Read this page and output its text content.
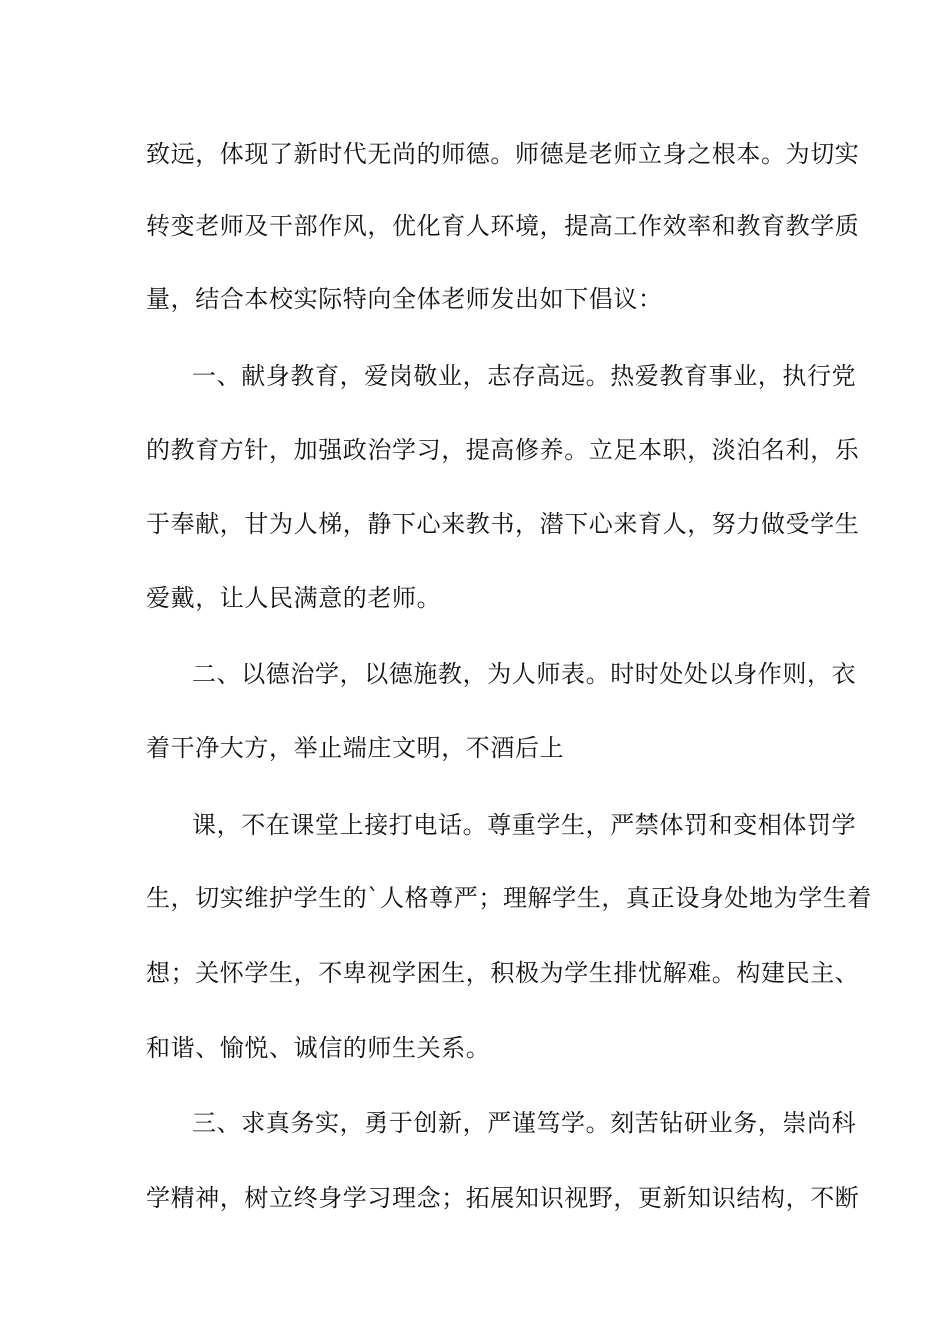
致远，体现了新时代无尚的师德。师德是老师立身之根本。为切实
转变老师及干部作风，优化育人环境，提高工作效率和教育教学质
量，结合本校实际特向全体老师发出如下倡议：
一、献身教育，爱岗敬业，志存高远。热爱教育事业，执行党
的教育方针，加强政治学习，提高修养。立足本职，淡泊名利，乐
于奉献，甘为人梯，静下心来教书，潜下心来育人，努力做受学生
爱戴，让人民满意的老师。
二、以德治学，以德施教，为人师表。时时处处以身作则，衣
着干净大方，举止端庄文明，不酒后上
课，不在课堂上接打电话。尊重学生，严禁体罚和变相体罚学
生，切实维护学生的`人格尊严；理解学生，真正设身处地为学生着
想；关怀学生，不卑视学困生，积极为学生排忧解难。构建民主、
和谐、愉悦、诚信的师生关系。
三、求真务实，勇于创新，严谨笃学。刻苦钻研业务，崇尚科
学精神，树立终身学习理念；拓展知识视野，更新知识结构，不断
